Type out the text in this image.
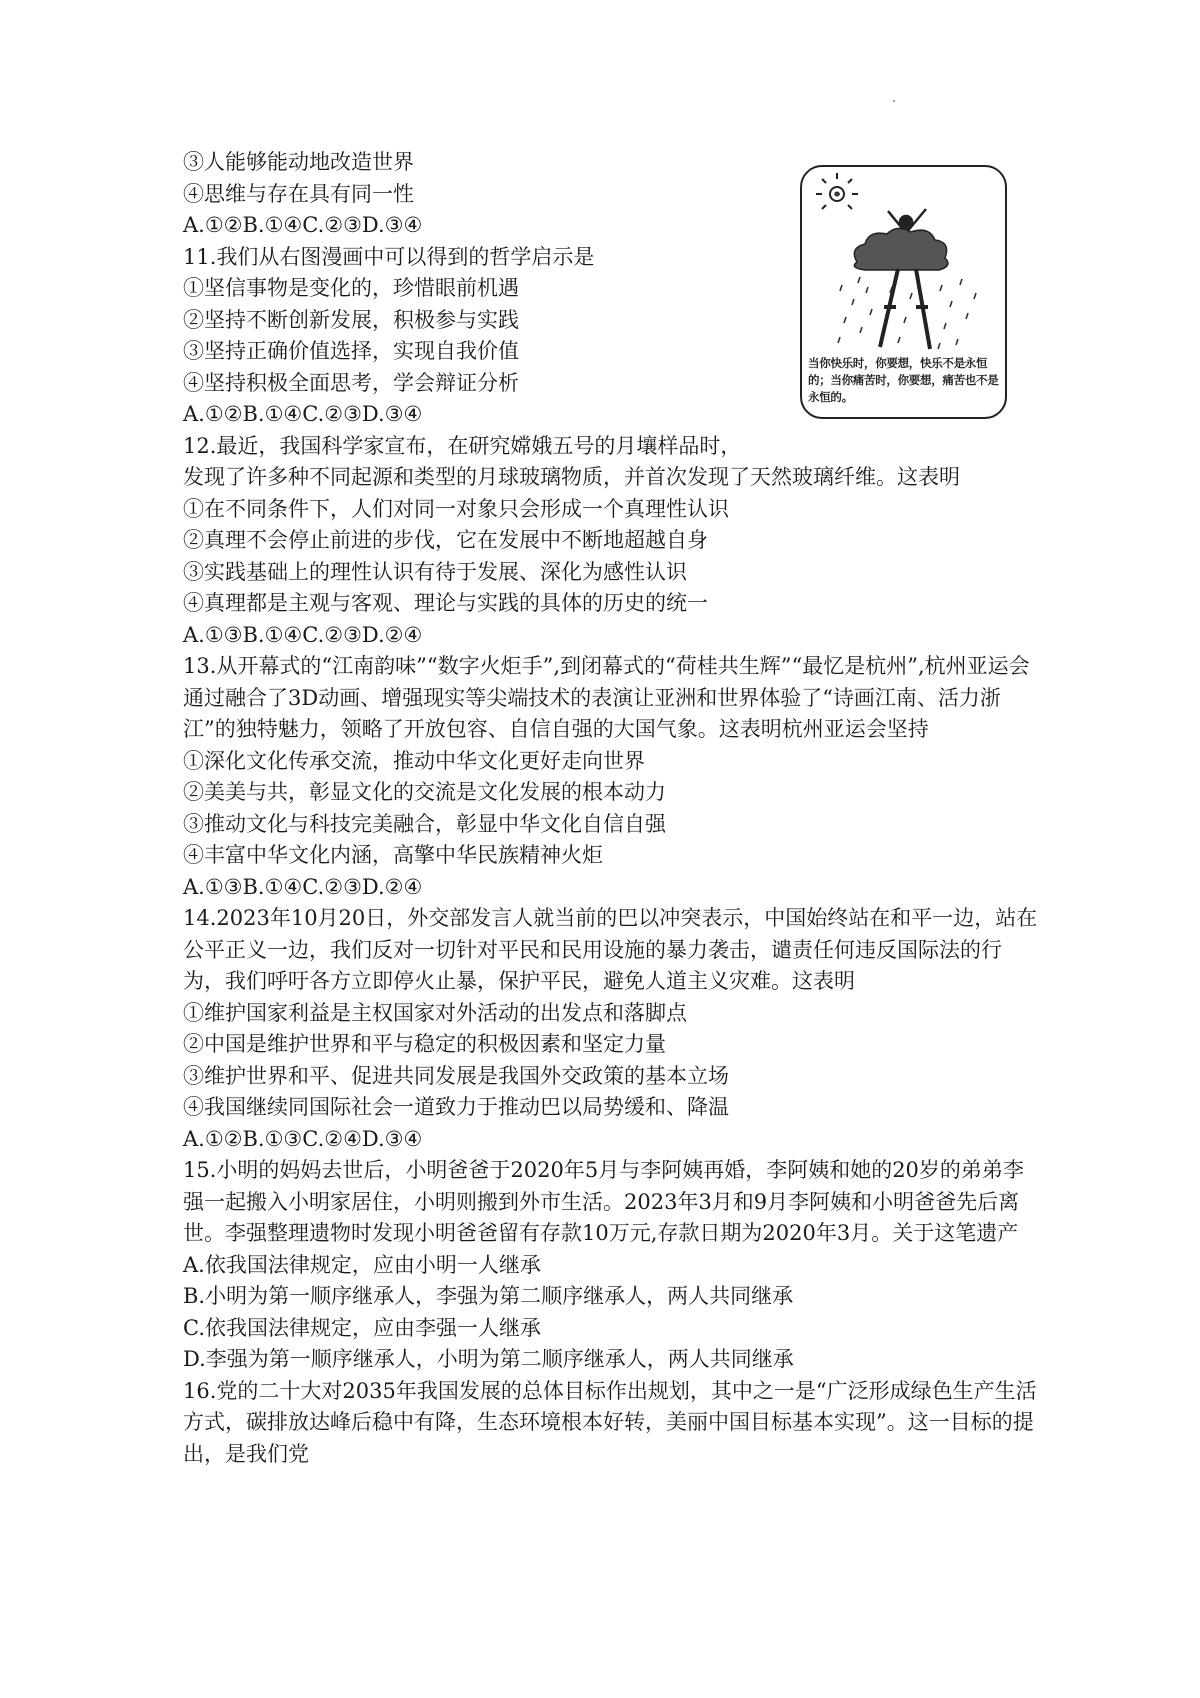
③人能够能动地改造世界
④思维与存在具有同一性
A.①②B.①④C.②③D.③④
11.我们从右图漫画中可以得到的哲学启示是
①坚信事物是变化的，珍惜眼前机遇
②坚持不断创新发展，积极参与实践
③坚持正确价值选择，实现自我价值
④坚持积极全面思考，学会辩证分析
A.①②B.①④C.②③D.③④
12.最近，我国科学家宣布，在研究嫦娥五号的月壤样品时，
发现了许多种不同起源和类型的月球玻璃物质，并首次发现了天然玻璃纤维。这表明
①在不同条件下，人们对同一对象只会形成一个真理性认识
②真理不会停止前进的步伐，它在发展中不断地超越自身
③实践基础上的理性认识有待于发展、深化为感性认识
④真理都是主观与客观、理论与实践的具体的历史的统一
A.①③B.①④C.②③D.②④
13.从开幕式的“江南韵味”“数字火炬手”,到闭幕式的“荷桂共生辉”“最忆是杭州”,杭州亚运会通过融合了3D动画、增强现实等尖端技术的表演让亚洲和世界体验了“诗画江南、活力浙江”的独特魅力，领略了开放包容、自信自强的大国气象。这表明杭州亚运会坚持
①深化文化传承交流，推动中华文化更好走向世界
②美美与共，彰显文化的交流是文化发展的根本动力
③推动文化与科技完美融合，彰显中华文化自信自强
④丰富中华文化内涵，高擎中华民族精神火炬
A.①③B.①④C.②③D.②④
14.2023年10月20日，外交部发言人就当前的巴以冲突表示，中国始终站在和平一边，站在公平正义一边，我们反对一切针对平民和民用设施的暴力袭击，谴责任何违反国际法的行为，我们呼吁各方立即停火止暴，保护平民，避免人道主义灾难。这表明
①维护国家利益是主权国家对外活动的出发点和落脚点
②中国是维护世界和平与稳定的积极因素和坚定力量
③维护世界和平、促进共同发展是我国外交政策的基本立场
④我国继续同国际社会一道致力于推动巴以局势缓和、降温
A.①②B.①③C.②④D.③④
15.小明的妈妈去世后，小明爸爸于2020年5月与李阿姨再婚，李阿姨和她的20岁的弟弟李强一起搬入小明家居住，小明则搬到外市生活。2023年3月和9月李阿姨和小明爸爸先后离世。李强整理遗物时发现小明爸爸留有存款10万元,存款日期为2020年3月。关于这笔遗产
A.依我国法律规定，应由小明一人继承
B.小明为第一顺序继承人，李强为第二顺序继承人，两人共同继承
C.依我国法律规定，应由李强一人继承
D.李强为第一顺序继承人，小明为第二顺序继承人，两人共同继承
16.党的二十大对2035年我国发展的总体目标作出规划，其中之一是“广泛形成绿色生产生活方式，碳排放达峰后稳中有降，生态环境根本好转，美丽中国目标基本实现”。这一目标的提出，是我们党
当你快乐时，你要想，快乐不是永恒的；当你痛苦时，你要想，痛苦也不是永恒的。
